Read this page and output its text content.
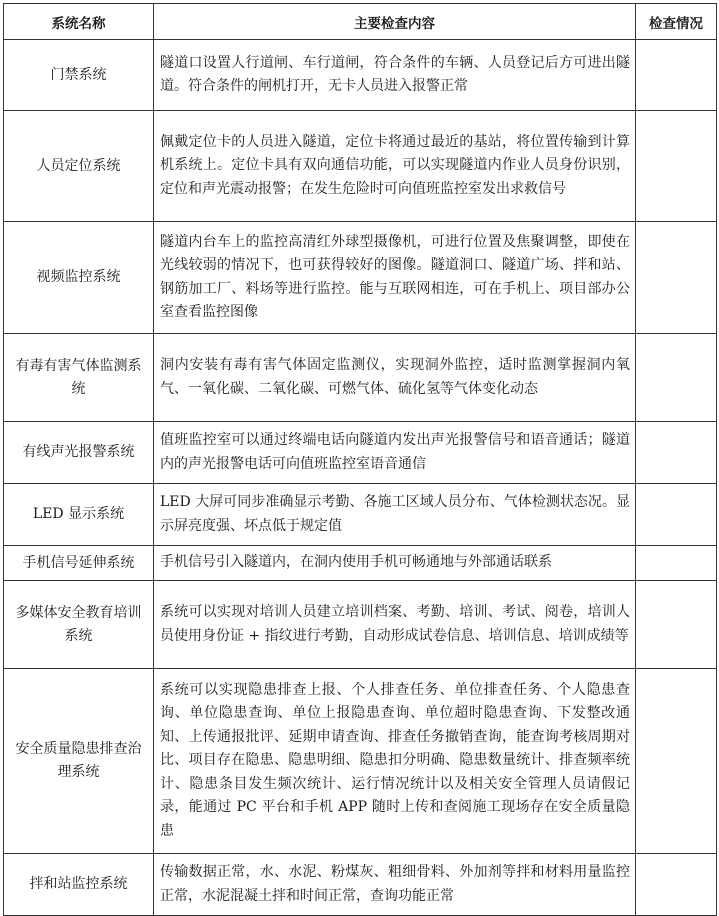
系统名称	主要检查内容	检查情况
门禁系统	隧道口设置人行道闸、车行道闸，符合条件的车辆、人员登记后方可进出隧道。符合条件的闸机打开，无卡人员进入报警正常	
人员定位系统	佩戴定位卡的人员进入隧道，定位卡将通过最近的基站，将位置传输到计算机系统上。定位卡具有双向通信功能，可以实现隧道内作业人员身份识别，定位和声光震动报警；在发生危险时可向值班监控室发出求救信号	
视频监控系统	隧道内台车上的监控高清红外球型摄像机，可进行位置及焦聚调整，即使在光线较弱的情况下，也可获得较好的图像。隧道洞口、隧道广场、拌和站、钢筋加工厂、料场等进行监控。能与互联网相连，可在手机上、项目部办公室查看监控图像	
有毒有害气体监测系统	洞内安装有毒有害气体固定监测仪，实现洞外监控，适时监测掌握洞内氧气、一氧化碳、二氧化碳、可燃气体、硫化氢等气体变化动态	
有线声光报警系统	值班监控室可以通过终端电话向隧道内发出声光报警信号和语音通话；隧道内的声光报警电话可向值班监控室语音通信	
LED 显示系统	LED 大屏可同步准确显示考勤、各施工区域人员分布、气体检测状态况。显示屏亮度强、坏点低于规定值	
手机信号延伸系统	手机信号引入隧道内，在洞内使用手机可畅通地与外部通话联系	
多媒体安全教育培训系统	系统可以实现对培训人员建立培训档案、考勤、培训、考试、阅卷，培训人员使用身份证 + 指纹进行考勤，自动形成试卷信息、培训信息、培训成绩等	
安全质量隐患排查治理系统	系统可以实现隐患排查上报、个人排查任务、单位排查任务、个人隐患查询、单位隐患查询、单位上报隐患查询、单位超时隐患查询、下发整改通知、上传通报批评、延期申请查询、排查任务撤销查询，能查询考核周期对比、项目存在隐患、隐患明细、隐患扣分明确、隐患数量统计、排查频率统计、隐患条目发生频次统计、运行情况统计以及相关安全管理人员请假记录，能通过 PC 平台和手机 APP 随时上传和查阅施工现场存在安全质量隐患	
拌和站监控系统	传输数据正常，水、水泥、粉煤灰、粗细骨料、外加剂等拌和材料用量监控正常，水泥混凝土拌和时间正常，查询功能正常	
